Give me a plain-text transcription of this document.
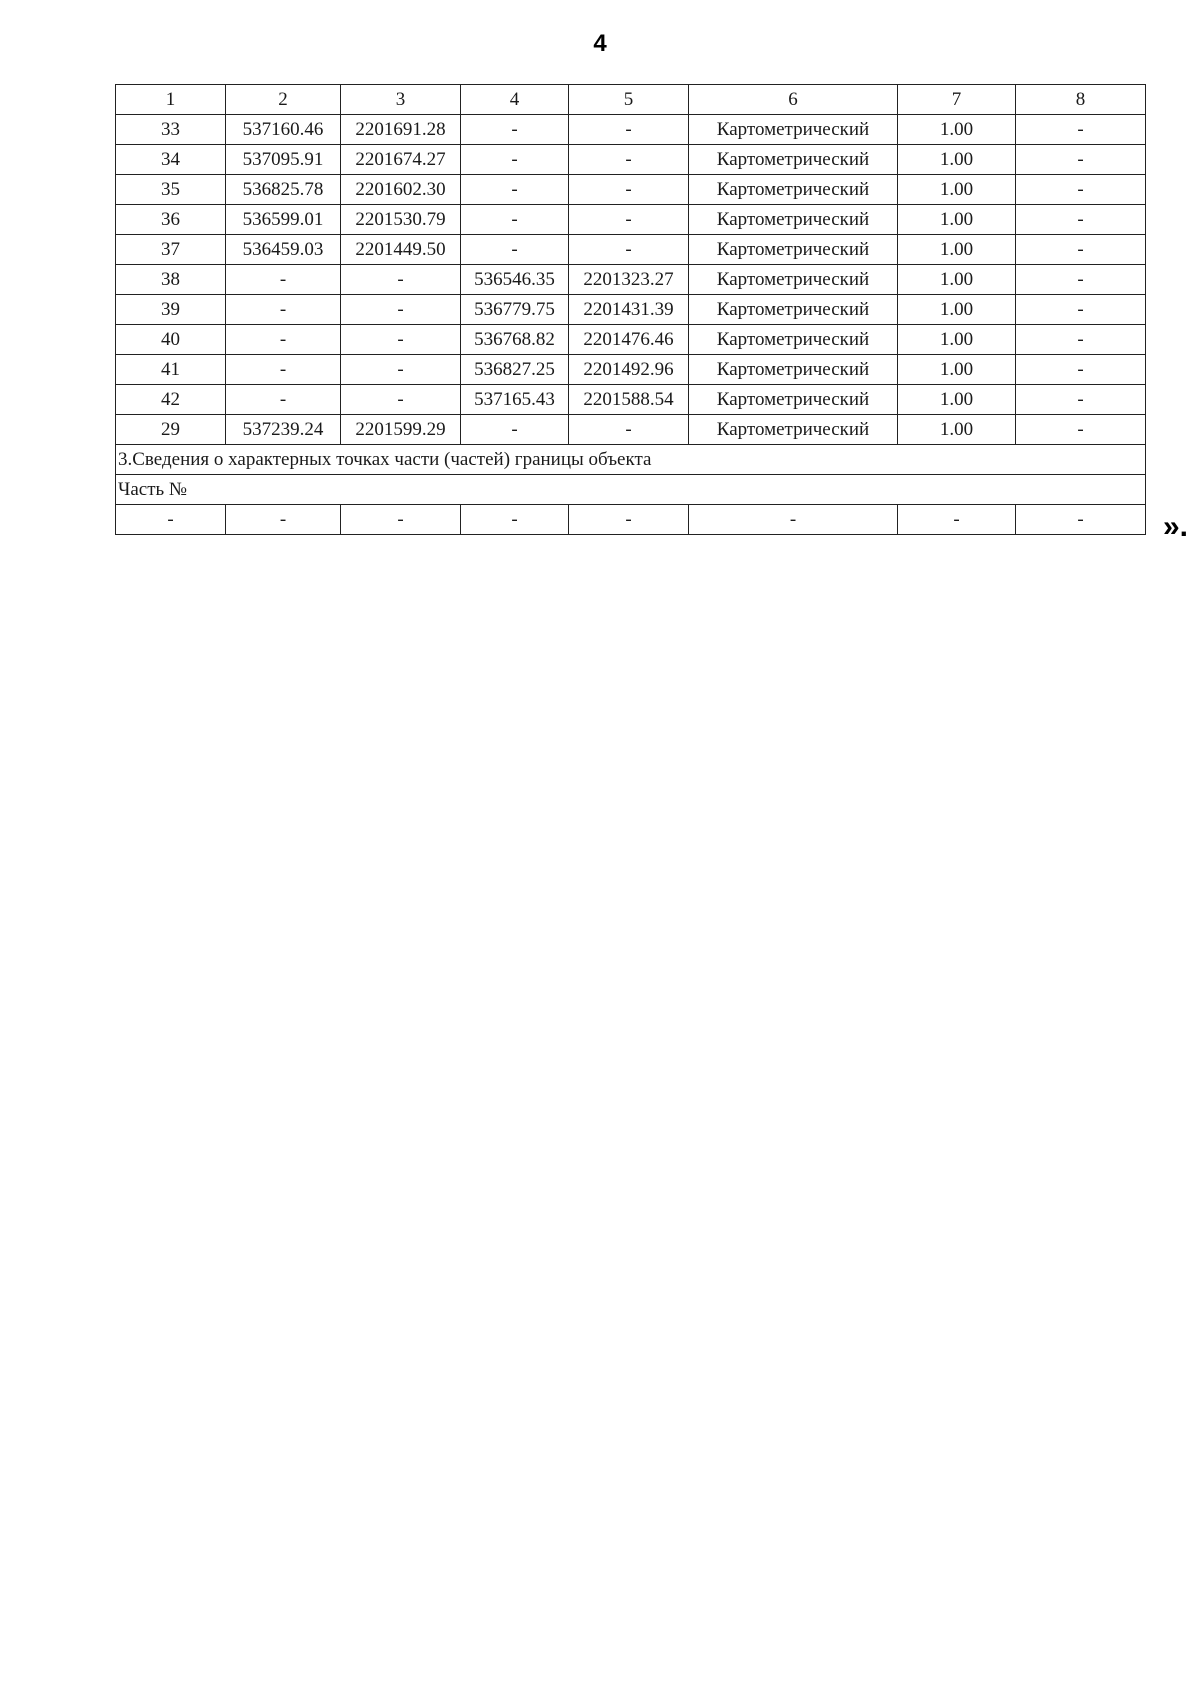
4
1	2	3	4	5	6	7	8
33	537160.46	2201691.28	-	-	Картометрический	1.00	-
34	537095.91	2201674.27	-	-	Картометрический	1.00	-
35	536825.78	2201602.30	-	-	Картометрический	1.00	-
36	536599.01	2201530.79	-	-	Картометрический	1.00	-
37	536459.03	2201449.50	-	-	Картометрический	1.00	-
38	-	-	536546.35	2201323.27	Картометрический	1.00	-
39	-	-	536779.75	2201431.39	Картометрический	1.00	-
40	-	-	536768.82	2201476.46	Картометрический	1.00	-
41	-	-	536827.25	2201492.96	Картометрический	1.00	-
42	-	-	537165.43	2201588.54	Картометрический	1.00	-
29	537239.24	2201599.29	-	-	Картометрический	1.00	-
3.Сведения о характерных точках части (частей) границы объекта							
Часть №							
-	-	-	-	-	-	-	-	».
